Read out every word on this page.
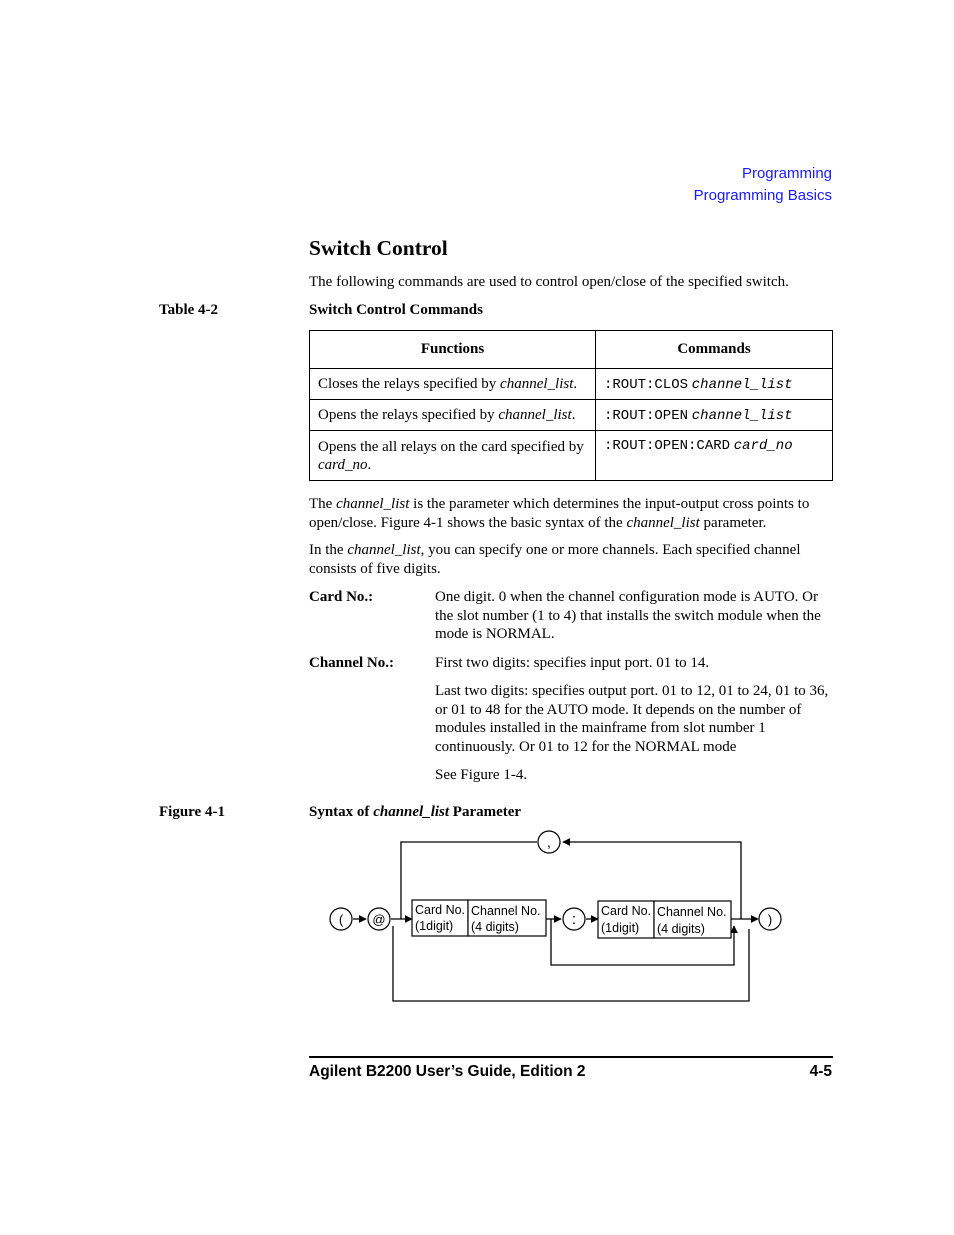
Programming
Programming Basics
Switch Control
The following commands are used to control open/close of the specified switch.
Table 4-2	Switch Control Commands
Functions	Commands
Closes the relays specified by channel_list.	:ROUT:CLOS channel_list
Opens the relays specified by channel_list.	:ROUT:OPEN channel_list
Opens the all relays on the card specified by card_no.	:ROUT:OPEN:CARD card_no
The channel_list is the parameter which determines the input-output cross points to open/close. Figure 4-1 shows the basic syntax of the channel_list parameter.
In the channel_list, you can specify one or more channels. Each specified channel consists of five digits.
Card No.:	One digit. 0 when the channel configuration mode is AUTO. Or the slot number (1 to 4) that installs the switch module when the mode is NORMAL.
Channel No.:	First two digits: specifies input port. 01 to 14.
Last two digits: specifies output port. 01 to 12, 01 to 24, 01 to 36, or 01 to 48 for the AUTO mode. It depends on the number of modules installed in the mainframe from slot number 1 continuously. Or 01 to 12 for the NORMAL mode
See Figure 1-4.
Figure 4-1	Syntax of channel_list Parameter
,
( @	:	)
Card No.
(1digit)
Channel No.
(4 digits)
Card No.
(1digit)
Channel No.
(4 digits)
Agilent B2200 User’s Guide, Edition 2	4-5
